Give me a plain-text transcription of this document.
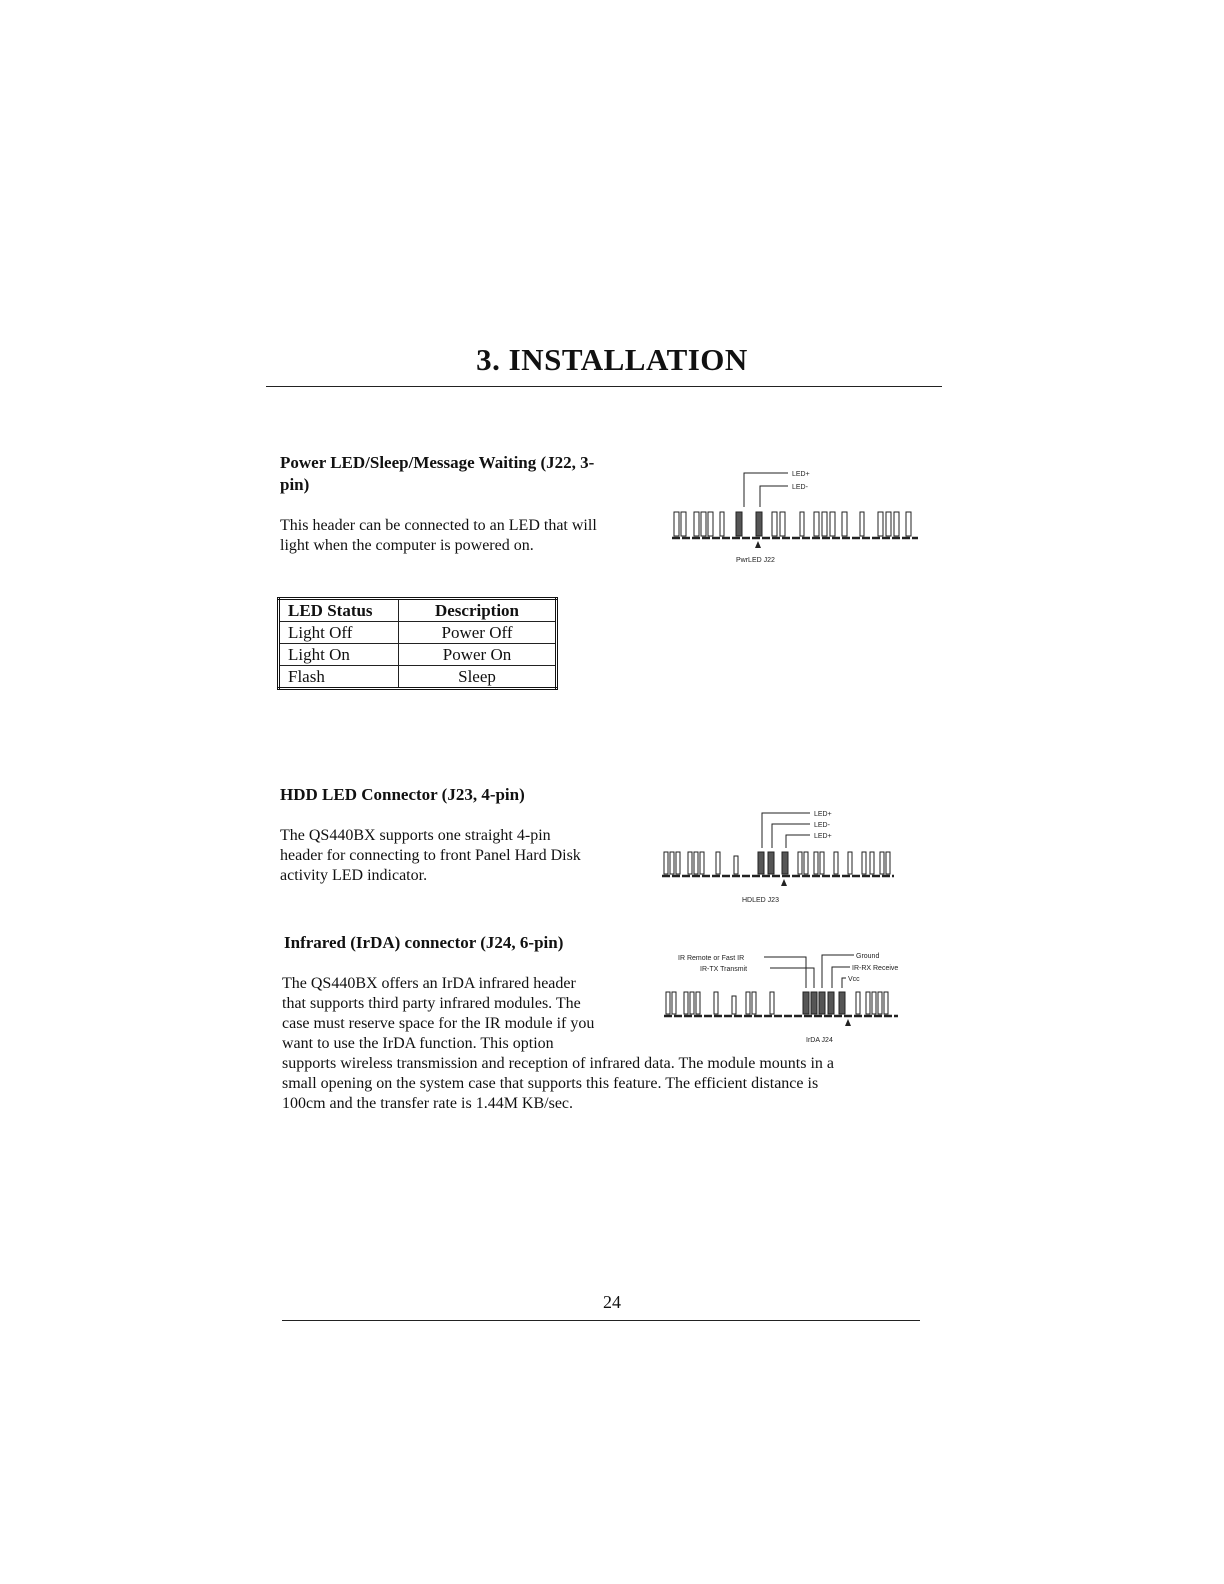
3. INSTALLATION
Power LED/Sleep/Message Waiting (J22, 3-
pin)
This header can be connected to an LED that will
light when the computer is powered on.
LED+
LED-
PwrLED J22
LED Status	Description
Light Off	Power Off
Light On	Power On
Flash	Sleep
HDD LED Connector (J23, 4-pin)
The QS440BX supports one straight 4-pin
header for connecting to front Panel Hard Disk
activity LED indicator.
LED+
LED-
LED+
HDLED J23
Infrared (IrDA) connector (J24, 6-pin)
The QS440BX offers an IrDA infrared header
that supports third party infrared modules. The
case must reserve space for the IR module if you
want to use the IrDA function. This option
supports wireless transmission and reception of infrared data. The module mounts in a
small opening on the system case that supports this feature. The efficient distance is
100cm and the transfer rate is 1.44M KB/sec.
IR Remote or Fast IR
IR-TX Transmit
Ground
IR-RX Receive
Vcc
IrDA J24
24
